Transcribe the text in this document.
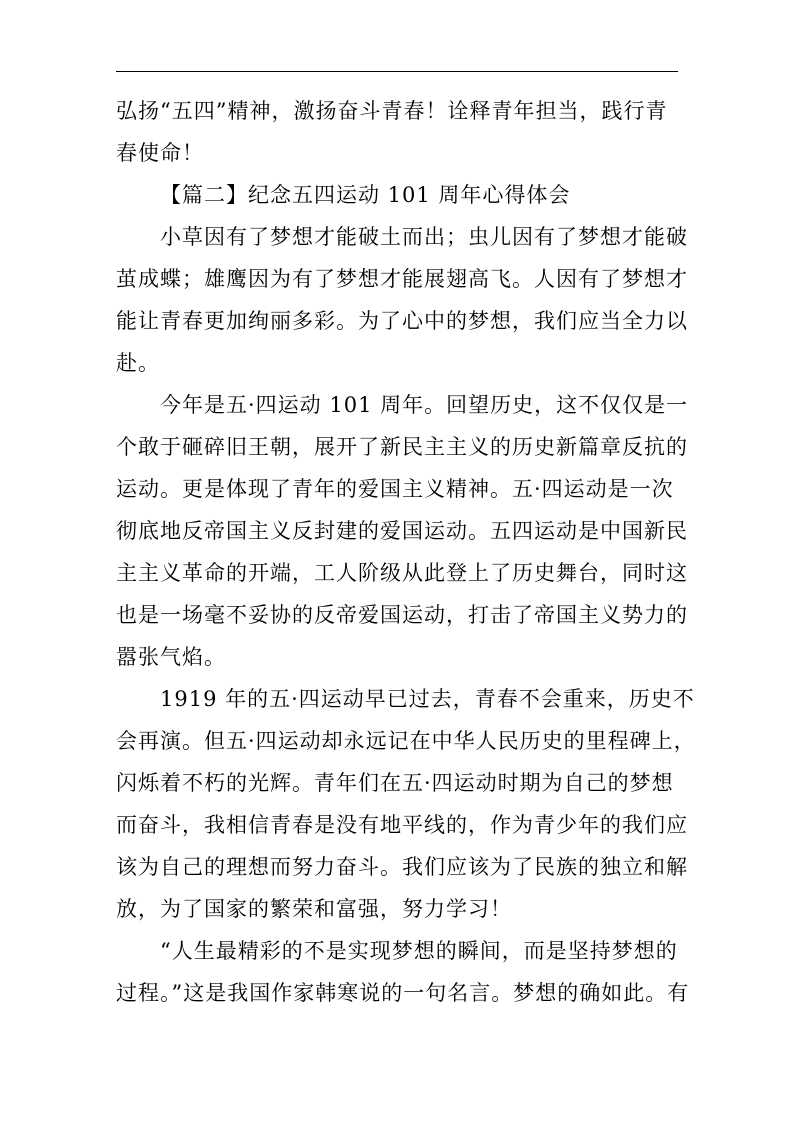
弘扬“五四”精神，激扬奋斗青春！诠释青年担当，践行青
春使命！
【篇二】纪念五四运动 101 周年心得体会
小草因有了梦想才能破土而出；虫儿因有了梦想才能破
茧成蝶；雄鹰因为有了梦想才能展翅高飞。人因有了梦想才
能让青春更加绚丽多彩。为了心中的梦想，我们应当全力以
赴。
今年是五·四运动 101 周年。回望历史，这不仅仅是一
个敢于砸碎旧王朝，展开了新民主主义的历史新篇章反抗的
运动。更是体现了青年的爱国主义精神。五·四运动是一次
彻底地反帝国主义反封建的爱国运动。五四运动是中国新民
主主义革命的开端，工人阶级从此登上了历史舞台，同时这
也是一场毫不妥协的反帝爱国运动，打击了帝国主义势力的
嚣张气焰。
1919 年的五·四运动早已过去，青春不会重来，历史不
会再演。但五·四运动却永远记在中华人民历史的里程碑上，
闪烁着不朽的光辉。青年们在五·四运动时期为自己的梦想
而奋斗，我相信青春是没有地平线的，作为青少年的我们应
该为自己的理想而努力奋斗。我们应该为了民族的独立和解
放，为了国家的繁荣和富强，努力学习！
“人生最精彩的不是实现梦想的瞬间，而是坚持梦想的
过程。”这是我国作家韩寒说的一句名言。梦想的确如此。有
